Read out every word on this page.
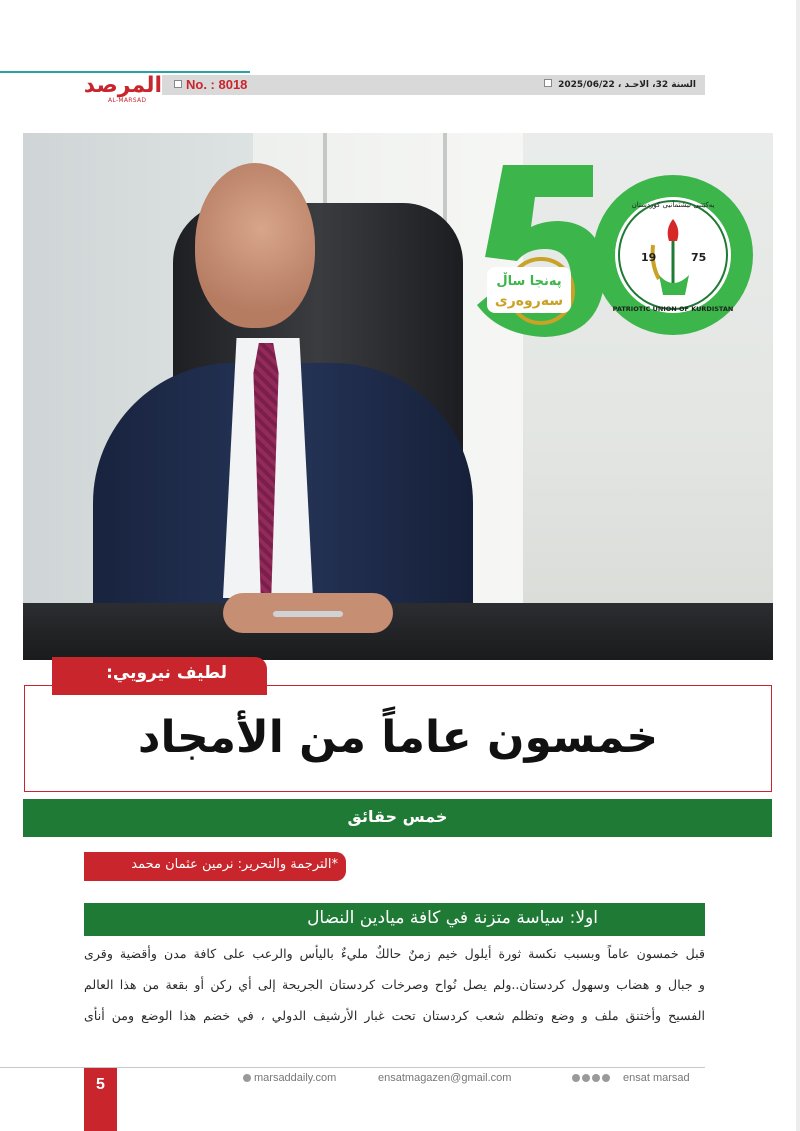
المرصد
AL-MARSAD
No. : 8018	السنة 32، الاحـد ، 2025/06/22
19	75
یەکێتیی نیشتمانیی کوردستان
PATRIOTIC UNION OF KURDISTAN
پەنجا ساڵ
سەروەری
خمسون عاماً من الأمجاد
لطيف نيرويي:
خمس حقائق
*الترجمة والتحرير: نرمين عثمان محمد
اولا: سياسة متزنة في كافة ميادين النضال

قبل خمسون عاماً وبسبب نكسة ثورة أيلول خيم زمنٌ حالكٌ مليءٌ باليأس والرعب على كافة مدن وأقضية وقرى

و جبال و هضاب وسهول كردستان..ولم يصل نُواح وصرخات كردستان الجريحة إلى أي ركن أو بقعة من هذا العالم

الفسيح وأختنق ملف و وضع وتظلم شعب كردستان تحت غبار الأرشيف الدولي ، في خضم هذا الوضع ومن أنأى

5	marsaddaily.com	ensatmagazen@gmail.com	ensat marsad
